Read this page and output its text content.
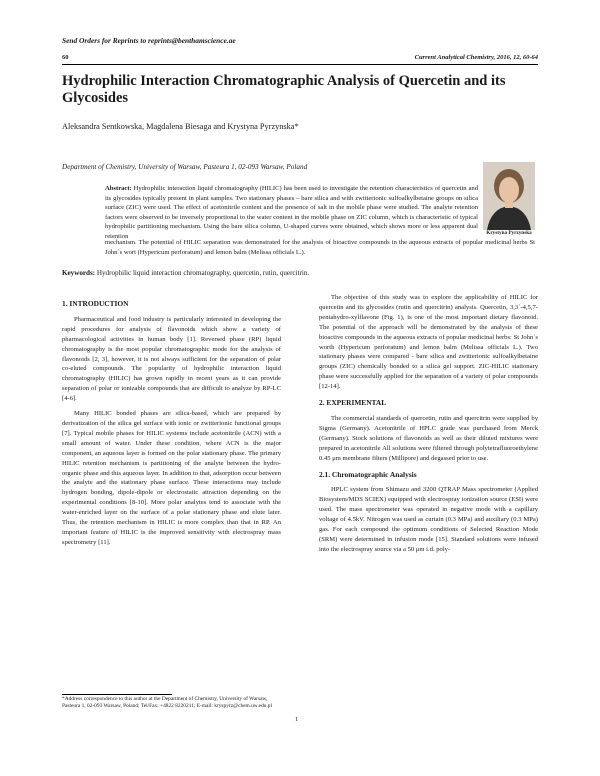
Send Orders for Reprints to reprints@benthamscience.ae
60	Current Analytical Chemistry, 2016, 12, 60-64
Hydrophilic Interaction Chromatographic Analysis of Quercetin and its Glycosides
Aleksandra Sentkowska, Magdalena Biesaga and Krystyna Pyrzynska*
Department of Chemistry, University of Warsaw, Pasteura 1, 02-093 Warsaw, Poland
Krystyna Pyrzynska
Abstract: Hydrophilic interaction liquid chromatography (HILIC) has been used to investigate the retention characteristics of quercetin and its glycosides typically present in plant samples. Two stationary phases – bare silica and with zwitterionic sulfoalkylbetaine groups on silica surface (ZIC) were used. The effect of acetonitrile content and the presence of salt in the mobile phase were studied. The analyte retention factors were observed to be inversely proportional to the water content in the mobile phase on ZIC column, which is characteristic of typical hydrophilic partitioning mechanism. Using the bare silica column, U-shaped curves were obtained, which shows more or less apparent dual retention
mechanism. The potential of HILIC separation was demonstrated for the analysis of bioactive compounds in the aqueous extracts of popular medicinal herbs St John`s wort (Hypericum perforatum) and lemon balm (Melissa officials L.).
Keywords: Hydrophilic liquid interaction chromatography, quercetin, rutin, quercitrin.
1. INTRODUCTION

Pharmaceutical and food industry is particularly interested in developing the rapid procedures for analysis of flavonoids which show a variety of pharmacological activities in human body [1]. Reversed phase (RP) liquid chromatography is the most popular chromatographic mode for the analysis of flavonoids [2, 3], however, it is not always sufficient for the separation of polar co-eluted compounds. The popularity of hydrophilic interaction liquid chromatography (HILIC) has grown rapidly in recent years as it can provide separation of polar or ionizable compounds that are difficult to analyze by RP-LC [4-6].

Many HILIC bonded phases are silica-based, which are prepared by derivatization of the silica gel surface with ionic or zwitterionic functional groups [7]. Typical mobile phases for HILIC systems include acetonitrile (ACN) with a small amount of water. Under these condition, where ACN is the major component, an aqueous layer is formed on the polar stationary phase. The primary HILIC retention mechanism is partitioning of the analyte between the hydro-organic phase and this aqueous layer. In addition to that, adsorption occur between the analyte and the stationary phase surface. These interactions may include hydrogen bonding, dipole-dipole or electrostatic attraction depending on the experimental conditions [8-10]. More polar analytes tend to associate with the water-enriched layer on the surface of a polar stationary phase and elute later. Thus, the retention mechanism in HILIC is more complex than that in RP. An important feature of HILIC is the improved sensitivity with electrospray mass spectrometry [11].

The objective of this study was to explore the applicability of HILIC for quercetin and its glycosides (rutin and quercitrin) analysis. Quercetin, 3,3`-4,5,7-pentahydro-xylflavone (Fig. 1), is one of the most important dietary flavonoid. The potential of the approach will be demonstrated by the analysis of these bioactive compounds in the aqueous extracts of popular medicinal herbs: St John`s worth (Hypericum perforatum) and lemon balm (Melissa officials L.). Two stationary phases were compared - bare silica and zwitterionic sulfoalkylbetaine groups (ZIC) chemically bonded to a silica gel support. ZIC-HILIC stationary phase were successfully applied for the separation of a variety of polar compounds [12-14].

2. EXPERIMENTAL

The commercial standards of quercetin, rutin and quercitrin were supplied by Sigma (Germany). Acetonitrile of HPLC grade was purchased from Merck (Germany). Stock solutions of flavonoids as well as their diluted mixtures were prepared in acetonitrile All solutions were filtered through polytetrafluoroethylene 0.45 μm membrane filters (Millipore) and degassed prior to use.

2.1. Chromatographic Analysis

HPLC system from Shimazu and 3200 QTRAP Mass spectrometer (Applied Biosystem/MDS SCIEX) equipped with electrospray ionization source (ESI) were used. The mass spectrometer was operated in negative mode with a capillary voltage of 4.5kV. Nitrogen was used as curtain (0.3 MPa) and auxiliary (0.3 MPa) gas. For each compound the optimum conditions of Selected Reaction Mode (SRM) were determined in infusion mode [15]. Standard solutions were infused into the electrospray source via a 50 μm i.d. poly-

*Address correspondence to this author at the Department of Chemistry, University of Warsaw, Pasteura 1, 02-093 Warsaw, Poland; Tel/Fax: +4822 8220211; E-mail: kryspyrz@chem.uw.edu.pl
1
